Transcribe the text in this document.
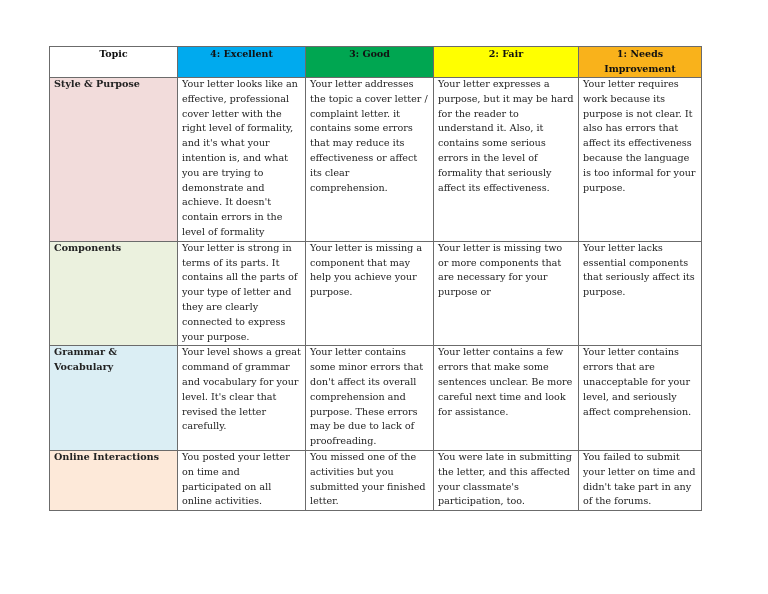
Topic	4: Excellent	3: Good	2: Fair	1: Needs Improvement
Style & Purpose	Your letter looks like an effective, professional cover letter with the right level of formality, and it's what your intention is, and what you are trying to demonstrate and achieve. It doesn't contain errors in the level of formality	Your letter addresses the topic a cover letter / complaint letter. it contains some errors that may reduce its effectiveness or affect its clear comprehension.	Your letter expresses a purpose, but it may be hard for the reader to understand it. Also, it contains some serious errors in the level of formality that seriously affect its effectiveness.	Your letter requires work because its purpose is not clear. It also has errors that affect its effectiveness because the language is too informal for your purpose.
Components	Your letter is strong in terms of its parts. It contains all the parts of your type of letter and they are clearly connected to express your purpose.	Your letter is missing a component that may help you achieve your purpose.	Your letter is missing two or more components that are necessary for your purpose or	Your letter lacks essential components that seriously affect its purpose.
Grammar & Vocabulary	Your level shows a great command of grammar and vocabulary for your level. It's clear that revised the letter carefully.	Your letter contains some minor errors that don't affect its overall comprehension and purpose. These errors may be due to lack of proofreading.	Your letter contains a few errors that make some sentences unclear. Be more careful next time and look for assistance.	Your letter contains errors that are unacceptable for your level, and seriously affect comprehension.
Online Interactions	You posted your letter on time and participated on all online activities.	You missed one of the activities but you submitted your finished letter.	You were late in submitting the letter, and this affected your classmate's participation, too.	You failed to submit your letter on time and didn't take part in any of the forums.
